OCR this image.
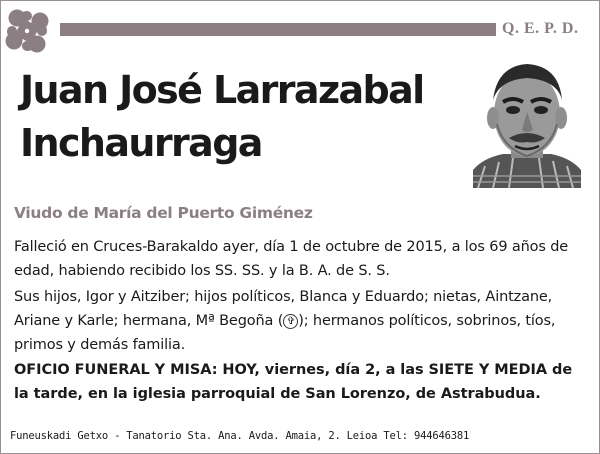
Q. E. P. D.
Juan José Larrazabal
Inchaurraga
Viudo de María del Puerto Giménez

Falleció en Cruces-Barakaldo ayer, día 1 de octubre de 2015, a los 69 años de edad, habiendo recibido los SS. SS. y la B. A. de S. S.

Sus hijos, Igor y Aitziber; hijos políticos, Blanca y Eduardo; nietas, Aintzane, Ariane y Karle; hermana, Mª Begoña ( ✞ ); hermanos políticos, sobrinos, tíos, primos y demás familia.

OFICIO FUNERAL Y MISA: HOY, viernes, día 2, a las SIETE Y MEDIA de la tarde, en la iglesia parroquial de San Lorenzo, de Astrabudua.

Funeuskadi Getxo - Tanatorio Sta. Ana. Avda. Amaia, 2. Leioa Tel: 944646381
